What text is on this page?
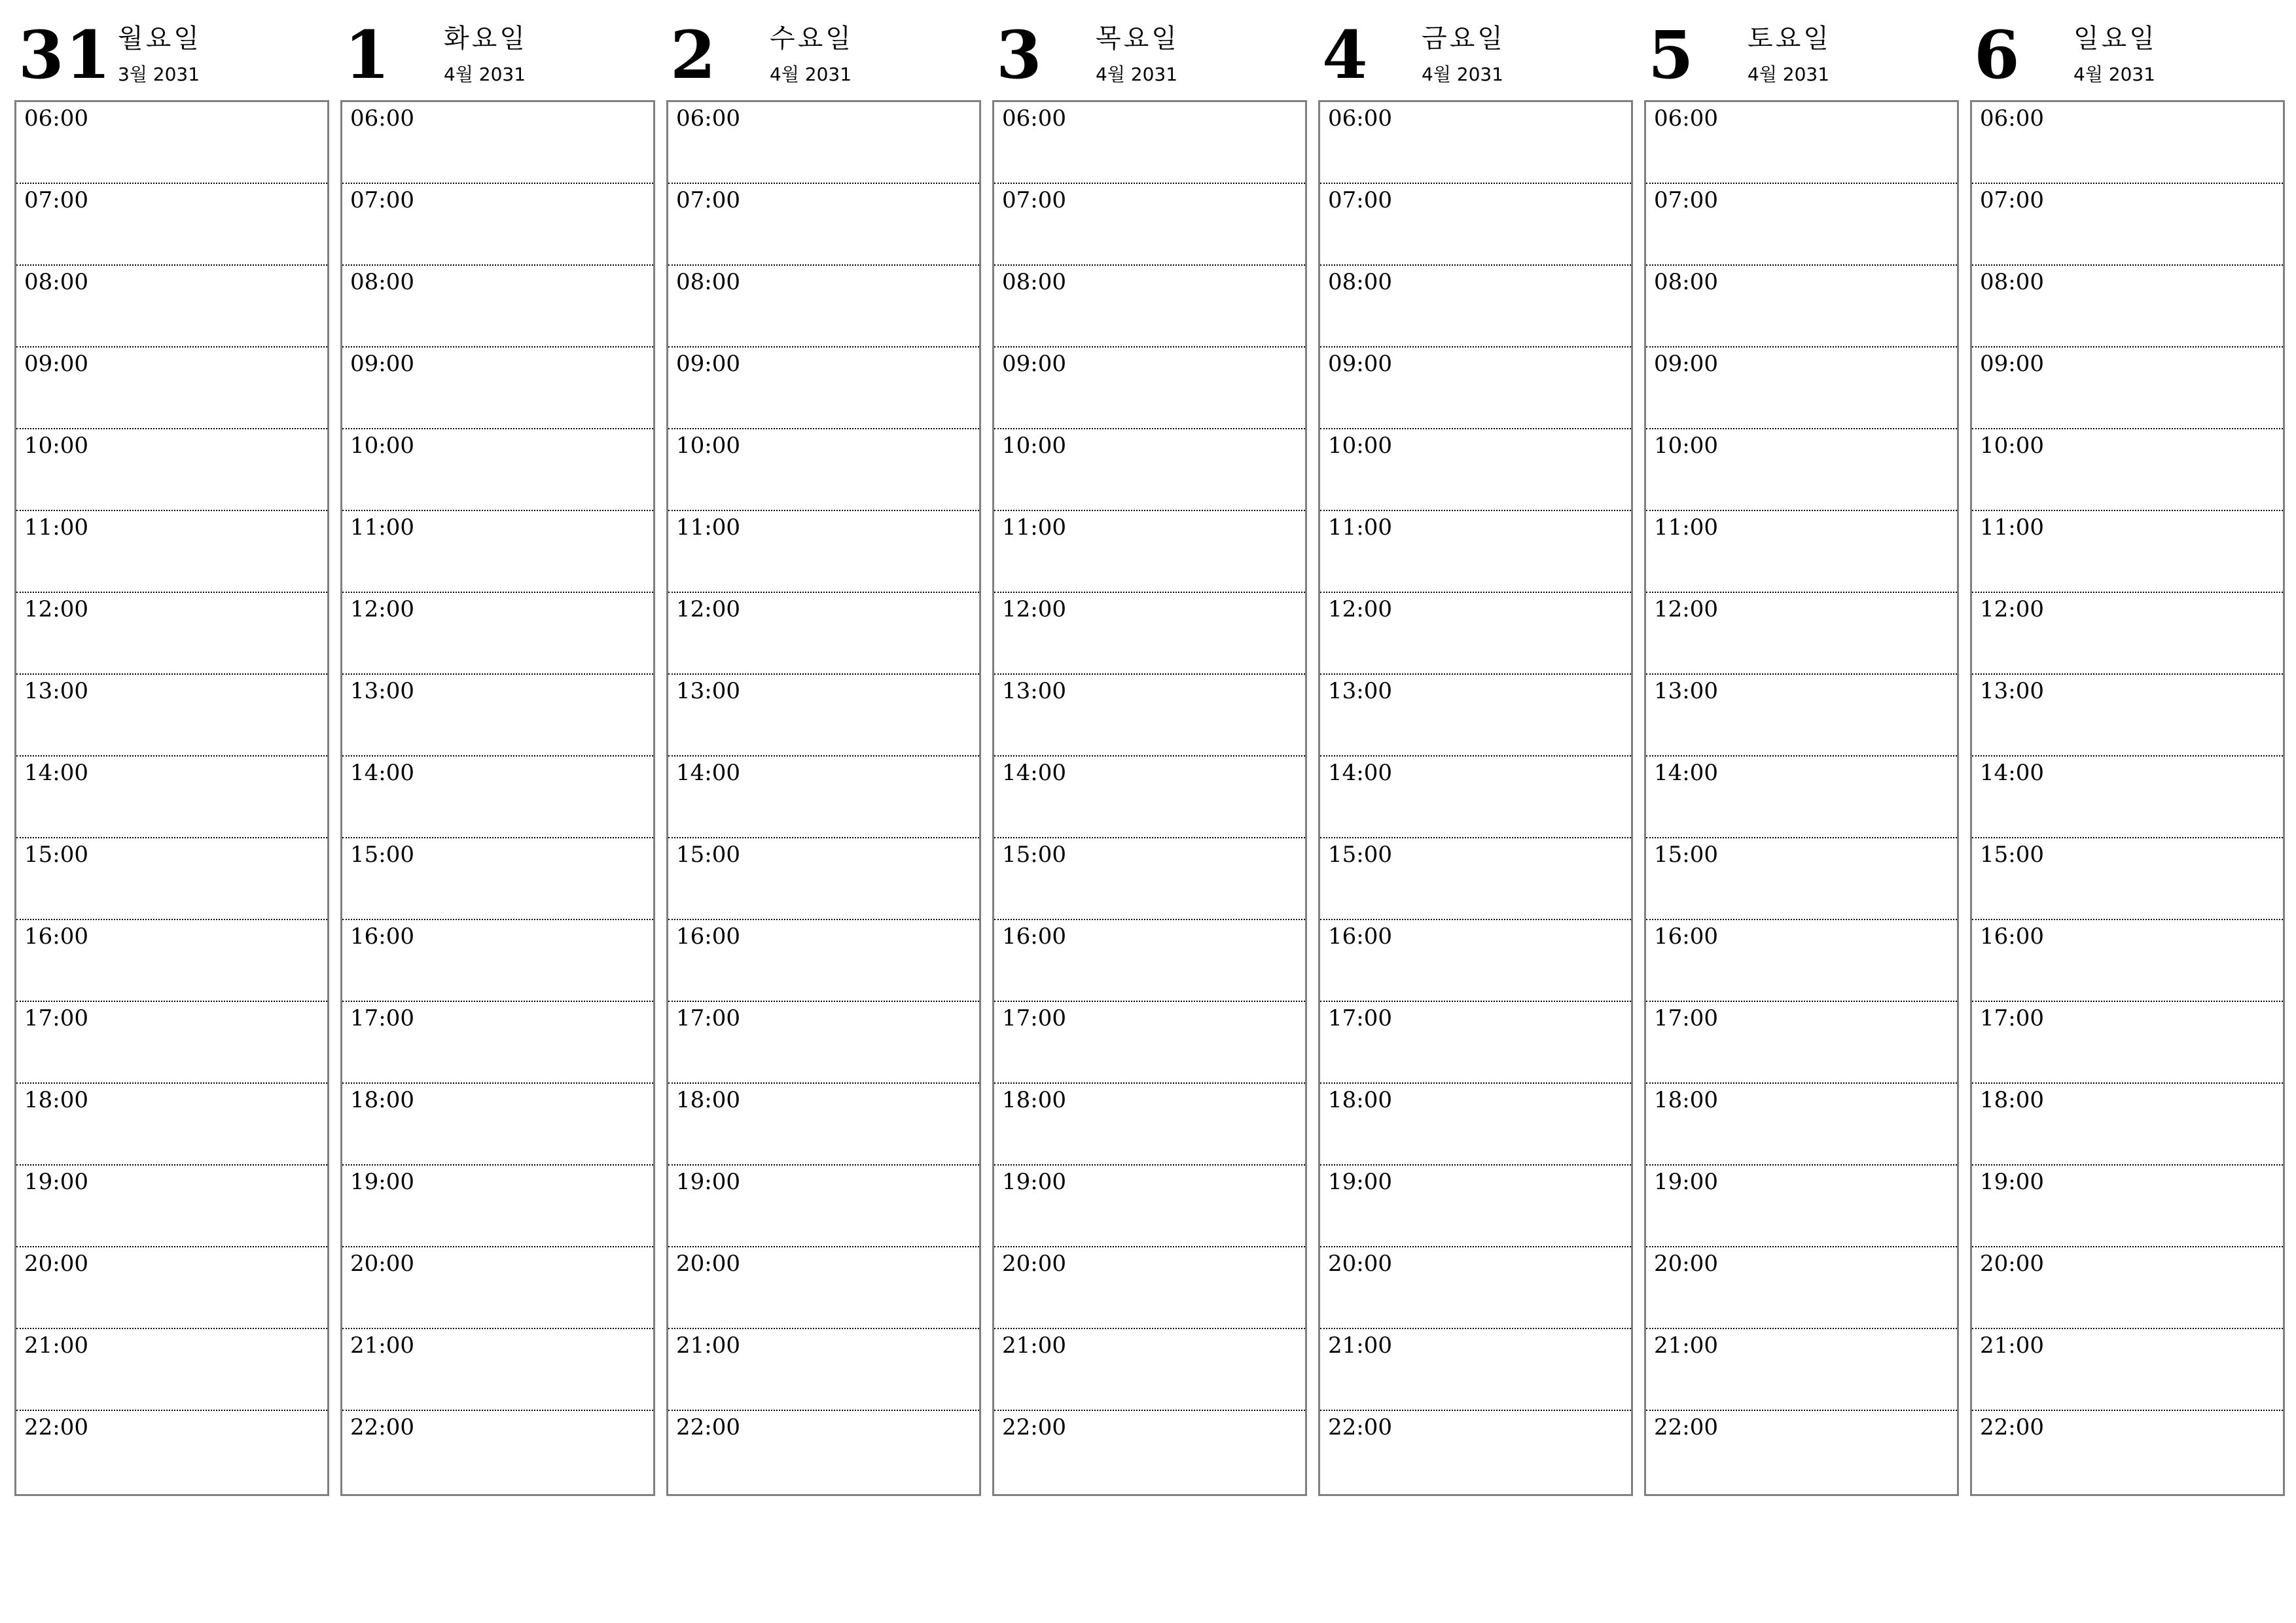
31 월요일
3월 2031
06:00
07:00
08:00
09:00
10:00
11:00
12:00
13:00
14:00
15:00
16:00
17:00
18:00
19:00
20:00
21:00
22:00
1 화요일
4월 2031
06:00
07:00
08:00
09:00
10:00
11:00
12:00
13:00
14:00
15:00
16:00
17:00
18:00
19:00
20:00
21:00
22:00
2 수요일
4월 2031
06:00
07:00
08:00
09:00
10:00
11:00
12:00
13:00
14:00
15:00
16:00
17:00
18:00
19:00
20:00
21:00
22:00
3 목요일
4월 2031
06:00
07:00
08:00
09:00
10:00
11:00
12:00
13:00
14:00
15:00
16:00
17:00
18:00
19:00
20:00
21:00
22:00
4 금요일
4월 2031
06:00
07:00
08:00
09:00
10:00
11:00
12:00
13:00
14:00
15:00
16:00
17:00
18:00
19:00
20:00
21:00
22:00
5 토요일
4월 2031
06:00
07:00
08:00
09:00
10:00
11:00
12:00
13:00
14:00
15:00
16:00
17:00
18:00
19:00
20:00
21:00
22:00
6 일요일
4월 2031
06:00
07:00
08:00
09:00
10:00
11:00
12:00
13:00
14:00
15:00
16:00
17:00
18:00
19:00
20:00
21:00
22:00
